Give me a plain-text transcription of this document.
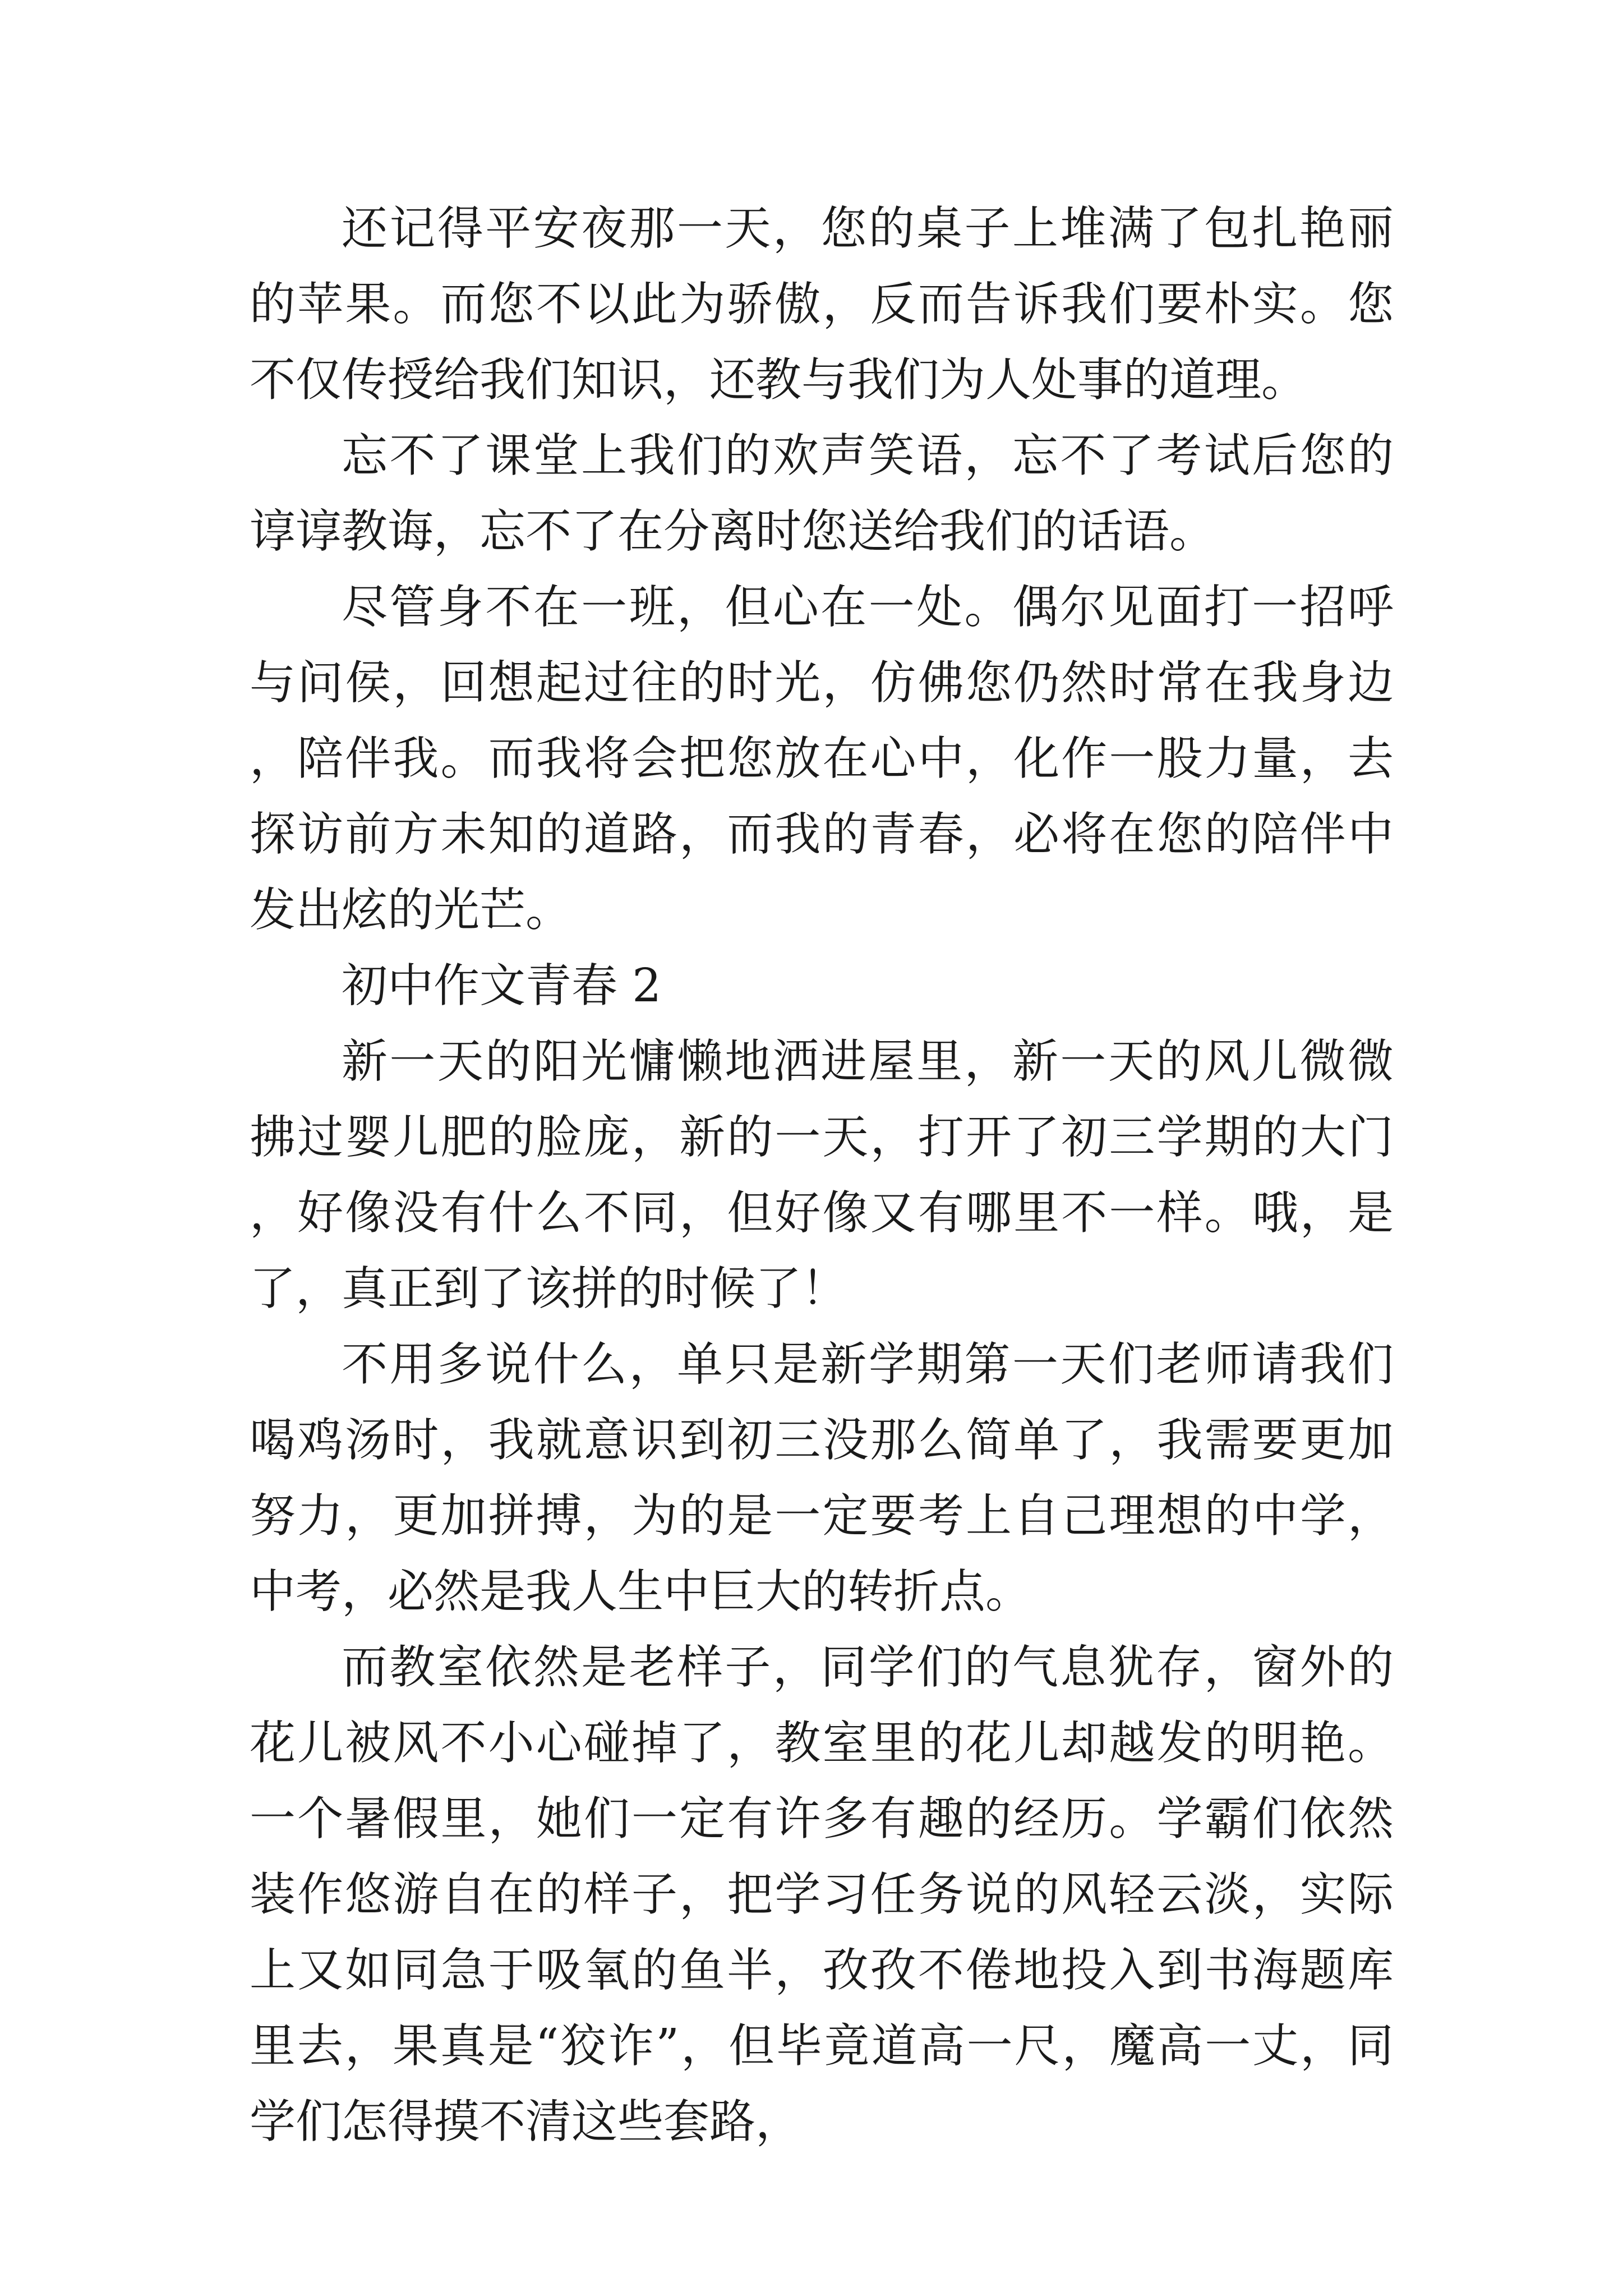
还记得平安夜那一天，您的桌子上堆满了包扎艳丽的苹果。而您不以此为骄傲，反而告诉我们要朴实。您不仅传授给我们知识，还教与我们为人处事的道理。

忘不了课堂上我们的欢声笑语，忘不了考试后您的谆谆教诲，忘不了在分离时您送给我们的话语。

尽管身不在一班，但心在一处。偶尔见面打一招呼与问侯，回想起过往的时光，仿佛您仍然时常在我身边，陪伴我。而我将会把您放在心中，化作一股力量，去探访前方未知的道路，而我的青春，必将在您的陪伴中发出炫的光芒。

初中作文青春 2

新一天的阳光慵懒地洒进屋里，新一天的风儿微微拂过婴儿肥的脸庞，新的一天，打开了初三学期的大门，好像没有什么不同，但好像又有哪里不一样。哦，是了，真正到了该拼的时候了！

不用多说什么，单只是新学期第一天们老师请我们喝鸡汤时，我就意识到初三没那么简单了，我需要更加努力，更加拼搏，为的是一定要考上自己理想的中学，中考，必然是我人生中巨大的转折点。

而教室依然是老样子，同学们的气息犹存，窗外的花儿被风不小心碰掉了，教室里的花儿却越发的明艳。一个暑假里，她们一定有许多有趣的经历。学霸们依然装作悠游自在的样子，把学习任务说的风轻云淡，实际上又如同急于吸氧的鱼半，孜孜不倦地投入到书海题库里去，果真是“狡诈”，但毕竟道高一尺，魔高一丈，同学们怎得摸不清这些套路，
